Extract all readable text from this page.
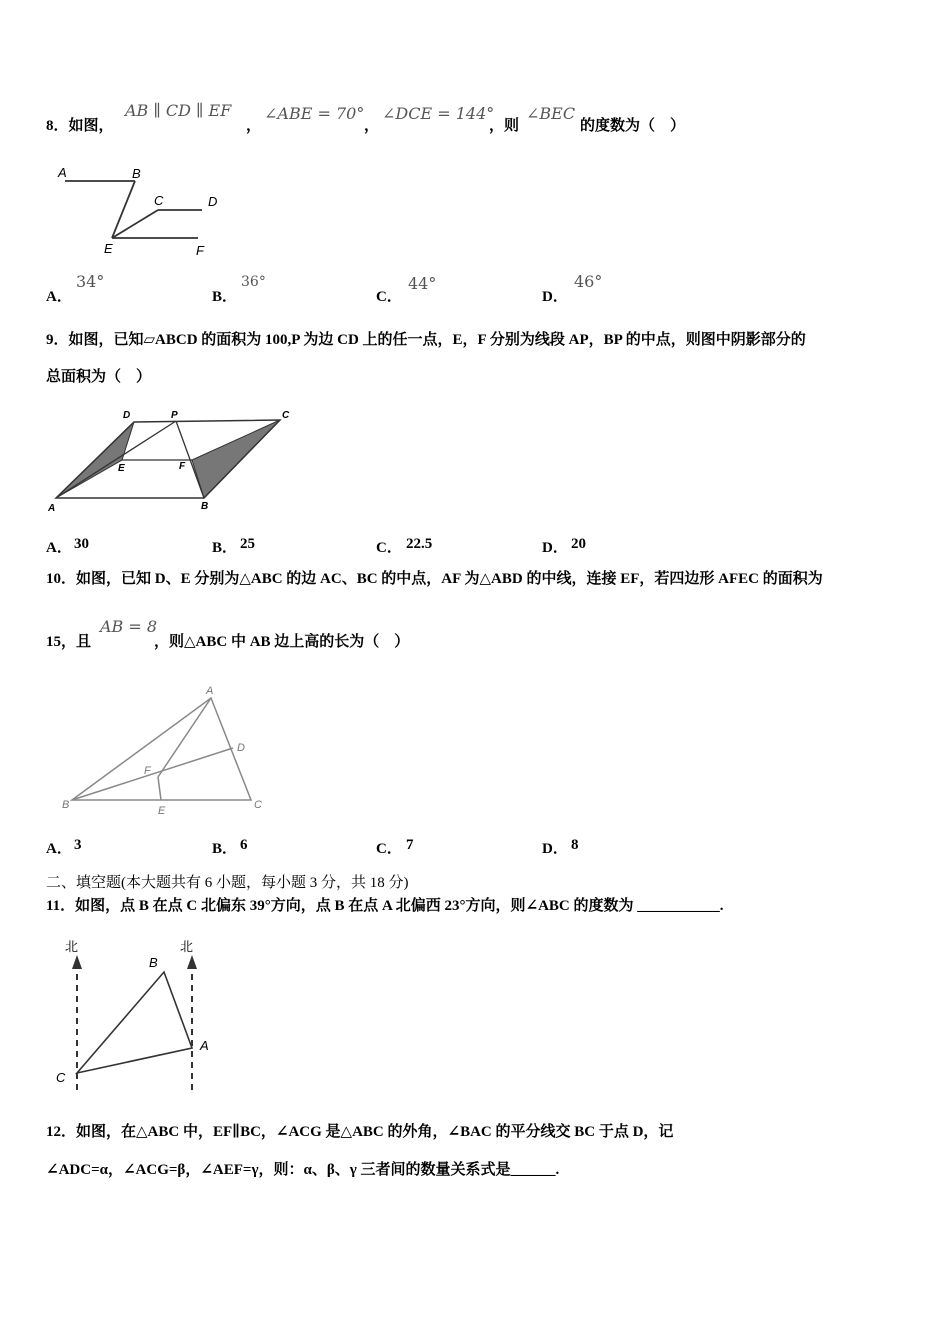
8．如图，
AB ∥ CD ∥ EF
，
∠ABE = 70°
，
∠DCE = 144°
，则
∠BEC
的度数为（　）
A	B
C	D
E	F
A．
34°
B．
36°
C．
44°
D．
46°
9．如图，已知▱ABCD 的面积为 100,P 为边 CD 上的任一点，E，F 分别为线段 AP，BP 的中点，则图中阴影部分的
总面积为（　）
D	P	C
E	F
A	B
A． 30	B． 25	C． 22.5	D． 20
10．如图，已知 D、E 分别为△ABC 的边 AC、BC 的中点，AF 为△ABD 的中线，连接 EF，若四边形 AFEC 的面积为
15，且
AB = 8
，则△ABC 中 AB 边上高的长为（　）
A
D
F
B	E	C
A． 3	B． 6	C． 7	D． 8
二、填空题(本大题共有 6 小题，每小题 3 分，共 18 分)
11．如图，点 B 在点 C 北偏东 39°方向，点 B 在点 A 北偏西 23°方向，则∠ABC 的度数为 ___________.
北	北
B
A
C
12．如图，在△ABC 中，EF∥BC，∠ACG 是△ABC 的外角，∠BAC 的平分线交 BC 于点 D，记
∠ADC=α，∠ACG=β，∠AEF=γ，则：α、β、γ 三者间的数量关系式是______.
